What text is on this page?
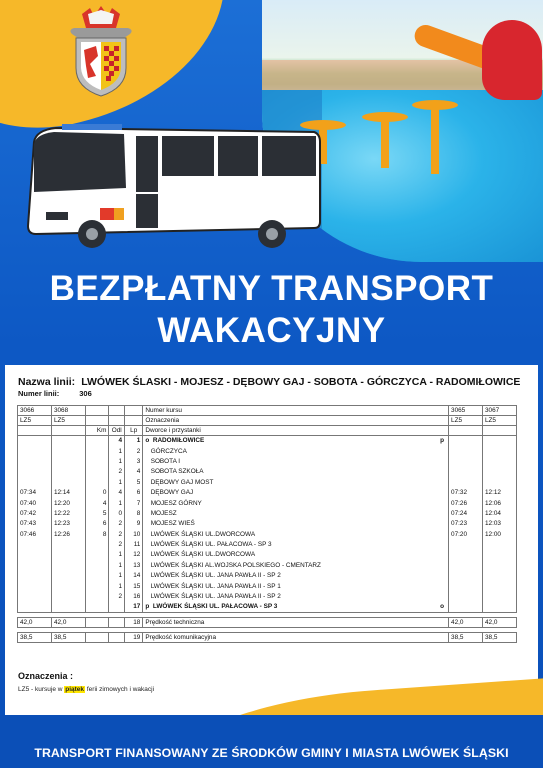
BEZPŁATNY TRANSPORT
WAKACYJNY
Nazwa linii: LWÓWEK ŚLASKI - MOJESZ - DĘBOWY GAJ - SOBOTA - GÓRCZYCA - RADOMIŁOWICE
Numer linii:	306
3066	3068				Numer kursu	3065	3067
LZ5	LZ5				Oznaczenia	LZ5	LZ5
		Km	Odl	Lp	Dworce i przystanki		
			4	1	o  RADOMIŁOWICE p		

			1	2	GÓRCZYCA		
			1	3	SOBOTA I		
			2	4	SOBOTA SZKOŁA		
			1	5	DĘBOWY GAJ MOST		
07:34	12:14	0	4	6	DĘBOWY GAJ	07:32	12:12
07:40	12:20	4	1	7	MOJESZ GÓRNY	07:26	12:06
07:42	12:22	5	0	8	MOJESZ	07:24	12:04
07:43	12:23	6	2	9	MOJESZ WIEŚ	07:23	12:03
07:46	12:26	8	2	10	LWÓWEK ŚLĄSKI UL.DWORCOWA	07:20	12:00
			2	11	LWÓWEK ŚLĄSKI UL. PAŁACOWA - SP 3		
			1	12	LWÓWEK ŚLĄSKI UL.DWORCOWA		
			1	13	LWÓWEK ŚLĄSKI AL.WOJSKA POLSKIEGO - CMENTARZ		
			1	14	LWÓWEK ŚLĄSKI UL. JANA PAWŁA II - SP 2		
			1	15	LWÓWEK ŚLĄSKI UL. JANA PAWŁA II - SP 1		
			2	16	LWÓWEK ŚLĄSKI UL. JANA PAWŁA II - SP 2		
				17	p  LWÓWEK ŚLĄSKI UL. PAŁACOWA - SP 3 o		

42,0	42,0			18	Prędkość techniczna	42,0	42,0

38,5	38,5			19	Prędkość komunikacyjna	38,5	38,5
Oznaczenia :
LZ5 - kursuje w piątek ferii zimowych i wakacji
TRANSPORT FINANSOWANY ZE ŚRODKÓW GMINY I MIASTA LWÓWEK ŚLĄSKI
